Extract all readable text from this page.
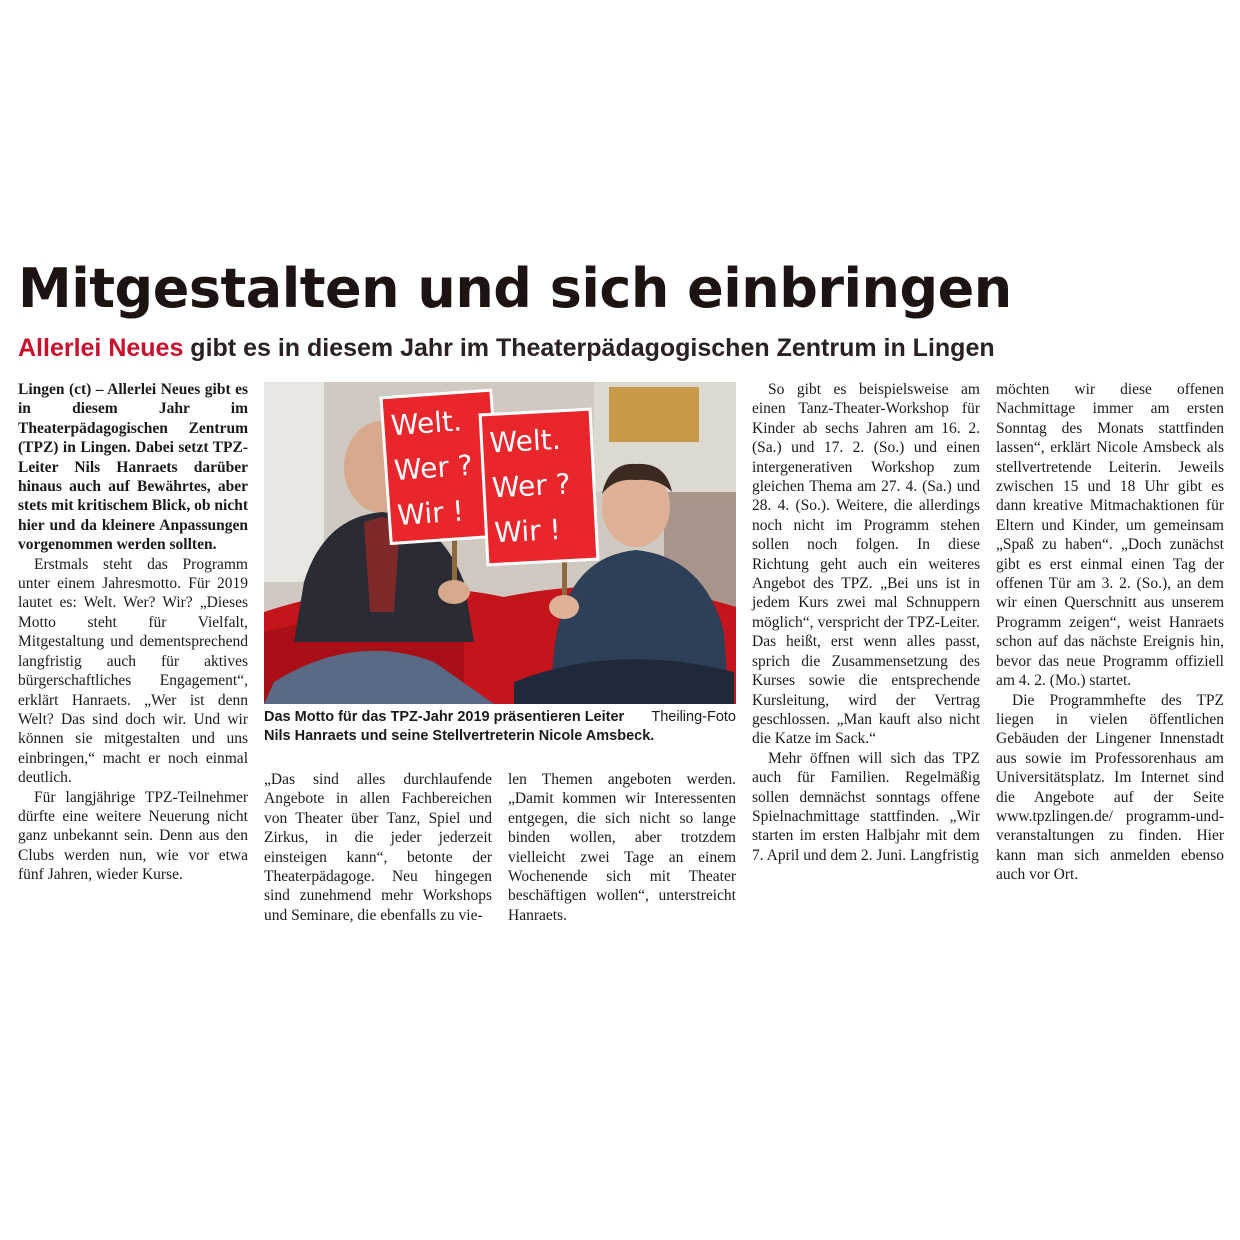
Mitgestalten und sich einbringen
Allerlei Neues gibt es in diesem Jahr im Theaterpädagogischen Zentrum in Lingen

Lingen (ct) – Allerlei Neues gibt es in diesem Jahr im Theaterpädagogischen Zentrum (TPZ) in Lingen. Dabei setzt TPZ-Leiter Nils Hanraets darüber hinaus auch auf Bewährtes, aber stets mit kritischem Blick, ob nicht hier und da kleinere Anpassungen vorgenommen werden sollten.

Erstmals steht das Programm unter einem Jahresmotto. Für 2019 lautet es: Welt. Wer? Wir? „Dieses Motto steht für Vielfalt, Mitgestaltung und dementsprechend langfristig auch für aktives bürgerschaftliches Engagement“, erklärt Hanraets. „Wer ist denn Welt? Das sind doch wir. Und wir können sie mitgestalten und uns einbringen,“ macht er noch einmal deutlich.

Für langjährige TPZ-Teilnehmer dürfte eine weitere Neuerung nicht ganz unbekannt sein. Denn aus den Clubs werden nun, wie vor etwa fünf Jahren, wieder Kurse.

Welt.
Wer ?
Wir !
Welt.
Wer ?
Wir !
Theiling-Foto
Das Motto für das TPZ-Jahr 2019 präsentieren Leiter Nils Hanraets und seine Stellvertreterin Nicole Amsbeck.

„Das sind alles durchlaufende Angebote in allen Fachbereichen von Theater über Tanz, Spiel und Zirkus, in die jeder jederzeit einsteigen kann“, betonte der Theaterpädagoge. Neu hingegen sind zunehmend mehr Workshops und Seminare, die ebenfalls zu vie-

len Themen angeboten werden. „Damit kommen wir Interessenten entgegen, die sich nicht so lange binden wollen, aber trotzdem vielleicht zwei Tage an einem Wochenende sich mit Theater beschäftigen wollen“, unterstreicht Hanraets.

So gibt es beispielsweise am einen Tanz-Theater-Workshop für Kinder ab sechs Jahren am 16. 2. (Sa.) und 17. 2. (So.) und einen intergenerativen Workshop zum gleichen Thema am 27. 4. (Sa.) und 28. 4. (So.). Weitere, die allerdings noch nicht im Programm stehen sollen noch folgen. In diese Richtung geht auch ein weiteres Angebot des TPZ. „Bei uns ist in jedem Kurs zwei mal Schnuppern möglich“, verspricht der TPZ-Leiter. Das heißt, erst wenn alles passt, sprich die Zusammensetzung des Kurses sowie die entsprechende Kursleitung, wird der Vertrag geschlossen. „Man kauft also nicht die Katze im Sack.“

Mehr öffnen will sich das TPZ auch für Familien. Regelmäßig sollen demnächst sonntags offene Spielnachmittage stattfinden. „Wir starten im ersten Halbjahr mit dem 7. April und dem 2. Juni. Langfristig

möchten wir diese offenen Nachmittage immer am ersten Sonntag des Monats stattfinden lassen“, erklärt Nicole Amsbeck als stellvertretende Leiterin. Jeweils zwischen 15 und 18 Uhr gibt es dann kreative Mitmachaktionen für Eltern und Kinder, um gemeinsam „Spaß zu haben“. „Doch zunächst gibt es erst einmal einen Tag der offenen Tür am 3. 2. (So.), an dem wir einen Querschnitt aus unserem Programm zeigen“, weist Hanraets schon auf das nächste Ereignis hin, bevor das neue Programm offiziell am 4. 2. (Mo.) startet.

Die Programmhefte des TPZ liegen in vielen öffentlichen Gebäuden der Lingener Innenstadt aus sowie im Professorenhaus am Universitätsplatz. Im Internet sind die Angebote auf der Seite www.tpzlingen.de/ programm-und-veranstaltungen zu finden. Hier kann man sich anmelden ebenso auch vor Ort.
